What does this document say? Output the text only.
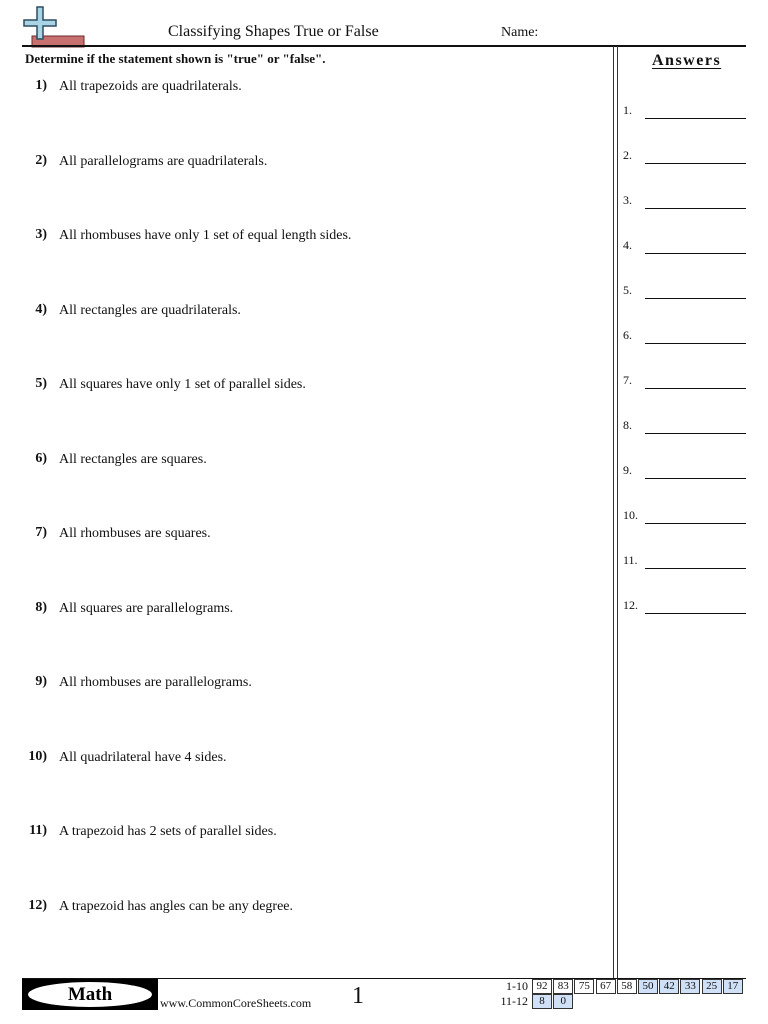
Classifying Shapes True or False	Name:
Determine if the statement shown is "true" or "false".	Answers
1) All trapezoids are quadrilaterals.
2) All parallelograms are quadrilaterals.
3) All rhombuses have only 1 set of equal length sides.
4) All rectangles are quadrilaterals.
5) All squares have only 1 set of parallel sides.
6) All rectangles are squares.
7) All rhombuses are squares.
8) All squares are parallelograms.
9) All rhombuses are parallelograms.
10) All quadrilateral have 4 sides.
11) A trapezoid has 2 sets of parallel sides.
12) A trapezoid has angles can be any degree.
1.
2.
3.
4.
5.
6.
7.
8.
9.
10.
11.
12.
Math	www.CommonCoreSheets.com 1	1-10 92 83 75 67 58 50 42 33 25 17
11-12	8	0
